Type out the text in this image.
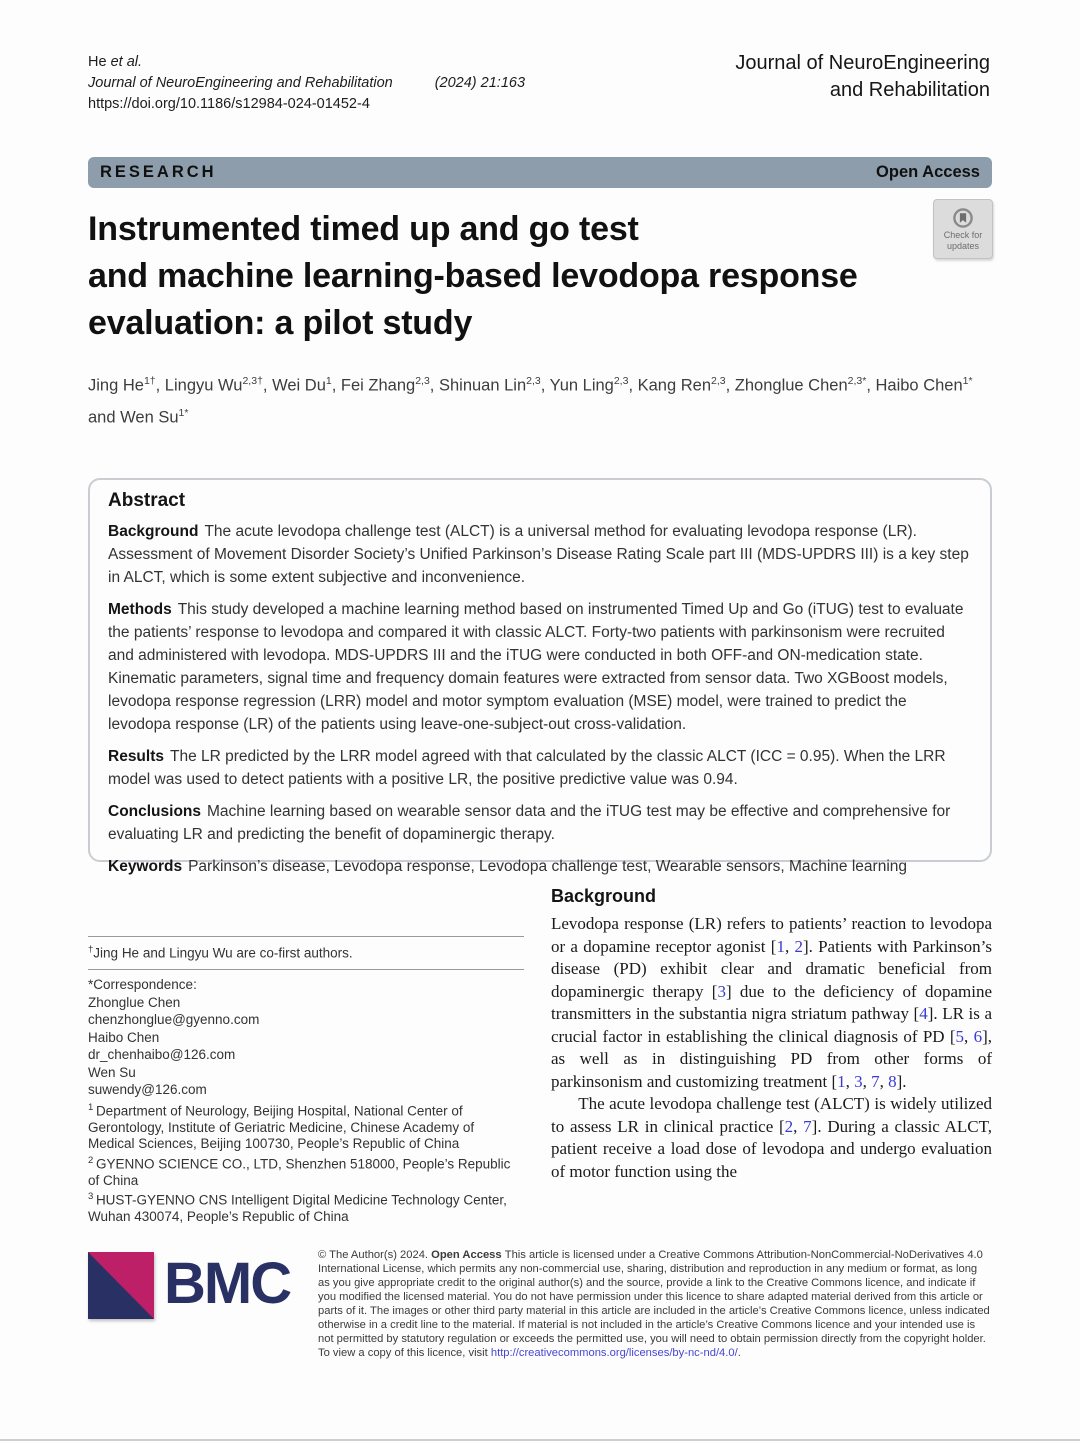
He et al.
Journal of NeuroEngineering and Rehabilitation	(2024) 21:163
https://doi.org/10.1186/s12984-024-01452-4
Journal of NeuroEngineering
and Rehabilitation
RESEARCH	Open Access
Check for
updates
Instrumented timed up and go test
and machine learning-based levodopa response
evaluation: a pilot study
Jing $He^{1\dagger}$, Lingyu $Wu^{2,3\dagger}$, Wei Du$^1$, Fei Zhang$^{2,3}$, Shinuan Lin$^{2,3}$, Yun Ling$^{2,3}$, Kang Ren$^{2,3}$, Zhonglue Chen$^{2,3*}$, Haibo Chen$^{1*}$ and Wen $Su^{1*}$
Abstract

Background The acute levodopa challenge test (ALCT) is a universal method for evaluating levodopa response (LR). Assessment of Movement Disorder Society’s Unified Parkinson’s Disease Rating Scale part III (MDS-UPDRS III) is a key step in ALCT, which is some extent subjective and inconvenience.

Methods This study developed a machine learning method based on instrumented Timed Up and Go (iTUG) test to evaluate the patients’ response to levodopa and compared it with classic ALCT. Forty-two patients with parkinsonism were recruited and administered with levodopa. MDS-UPDRS III and the iTUG were conducted in both OFF-and ON-medication state. Kinematic parameters, signal time and frequency domain features were extracted from sensor data. Two XGBoost models, levodopa response regression (LRR) model and motor symptom evaluation (MSE) model, were trained to predict the levodopa response (LR) of the patients using leave-one-subject-out cross-validation.

Results The LR predicted by the LRR model agreed with that calculated by the classic ALCT (ICC = 0.95). When the LRR model was used to detect patients with a positive LR, the positive predictive value was 0.94.

Conclusions Machine learning based on wearable sensor data and the iTUG test may be effective and comprehensive for evaluating LR and predicting the benefit of dopaminergic therapy.

Keywords Parkinson’s disease, Levodopa response, Levodopa challenge test, Wearable sensors, Machine learning

†Jing He and Lingyu Wu are co-first authors.
*Correspondence:
Zhonglue Chen
chenzhonglue@gyenno.com
Haibo Chen
dr_chenhaibo@126.com
Wen Su
suwendy@126.com

$^1$ Department of Neurology, Beijing Hospital, National Center of Gerontology, Institute of Geriatric Medicine, Chinese Academy of Medical Sciences, Beijing 100730, People’s Republic of China

$^2$ GYENNO SCIENCE CO., LTD, Shenzhen 518000, People’s Republic of China

$^3$ HUST-GYENNO CNS Intelligent Digital Medicine Technology Center, Wuhan 430074, People’s Republic of China

Background

Levodopa response (LR) refers to patients’ reaction to levodopa or a dopamine receptor agonist [1, 2]. Patients with Parkinson’s disease (PD) exhibit clear and dramatic beneficial from dopaminergic therapy [3] due to the deficiency of dopamine transmitters in the substantia nigra striatum pathway [4]. LR is a crucial factor in establishing the clinical diagnosis of PD [5, 6], as well as in distinguishing PD from other forms of parkinsonism and customizing treatment [1, 3, 7, 8].

The acute levodopa challenge test (ALCT) is widely utilized to assess LR in clinical practice [2, 7]. During a classic ALCT, patient receive a load dose of levodopa and undergo evaluation of motor function using the

BMC © The Author(s) 2024. Open Access This article is licensed under a Creative Commons Attribution-NonCommercial-NoDerivatives 4.0 International License, which permits any non-commercial use, sharing, distribution and reproduction in any medium or format, as long as you give appropriate credit to the original author(s) and the source, provide a link to the Creative Commons licence, and indicate if you modified the licensed material. You do not have permission under this licence to share adapted material derived from this article or parts of it. The images or other third party material in this article are included in the article’s Creative Commons licence, unless indicated otherwise in a credit line to the material. If material is not included in the article’s Creative Commons licence and your intended use is not permitted by statutory regulation or exceeds the permitted use, you will need to obtain permission directly from the copyright holder. To view a copy of this licence, visit http://creativecommons.org/licenses/by-nc-nd/4.0/.
